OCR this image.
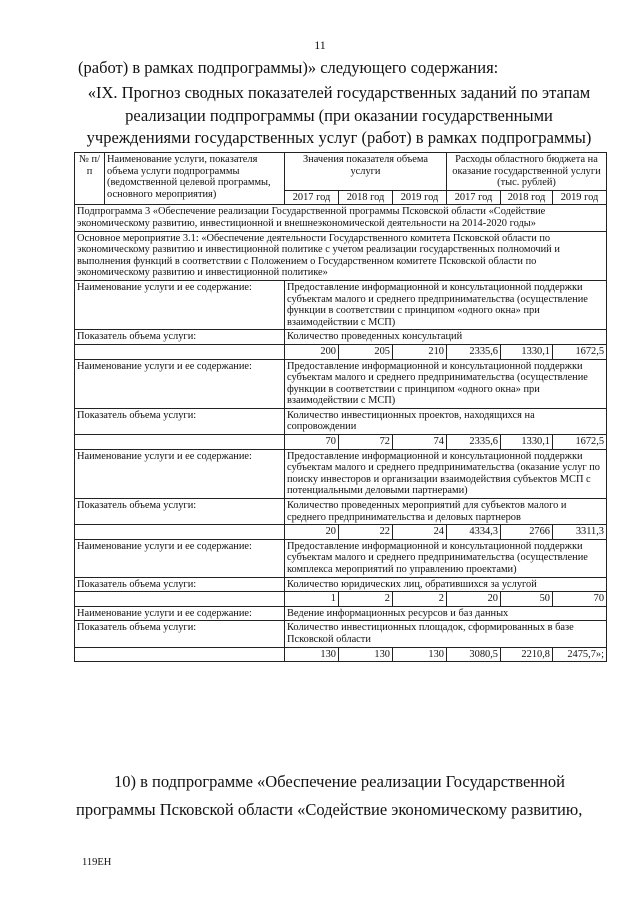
11
(работ) в рамках подпрограммы)» следующего содержания:
«IX. Прогноз сводных показателей государственных заданий по этапам
реализации подпрограммы (при оказании государственными
учреждениями государственных услуг (работ) в рамках подпрограммы)
№ п/п	Наименование услуги, показателя объема услуги подпрограммы (ведомственной целевой программы, основного мероприятия)	Значения показателя объема услуги			Расходы областного бюджета на оказание государственной услуги (тыс. рублей)		
		2017 год	2018 год	2019 год	2017 год	2018 год	2019 год
Подпрограмма 3 «Обеспечение реализации Государственной программы Псковской области «Содействие экономическому развитию, инвестиционной и внешнеэкономической деятельности на 2014-2020 годы»							
Основное мероприятие 3.1: «Обеспечение деятельности Государственного комитета Псковской области по экономическому развитию и инвестиционной политике с учетом реализации государственных полномочий и выполнения функций в соответствии с Положением о Государственном комитете Псковской области по экономическому развитию и инвестиционной политике»							
Наименование услуги и ее содержание:		Предоставление информационной и консультационной поддержки субъектам малого и среднего предпринимательства (осуществление функции в соответствии с принципом «одного окна» при взаимодействии с МСП)					
Показатель объема услуги:		Количество проведенных консультаций					
		200	205	210	2335,6	1330,1	1672,5
Наименование услуги и ее содержание:		Предоставление информационной и консультационной поддержки субъектам малого и среднего предпринимательства (осуществление функции в соответствии с принципом «одного окна» при взаимодействии с МСП)					
Показатель объема услуги:		Количество инвестиционных проектов, находящихся на сопровождении					
		70	72	74	2335,6	1330,1	1672,5
Наименование услуги и ее содержание:		Предоставление информационной и консультационной поддержки субъектам малого и среднего предпринимательства (оказание услуг по поиску инвесторов и организации взаимодействия субъектов МСП с потенциальными деловыми партнерами)					
Показатель объема услуги:		Количество проведенных мероприятий для субъектов малого и среднего предпринимательства и деловых партнеров					
		20	22	24	4334,3	2766	3311,3
Наименование услуги и ее содержание:		Предоставление информационной и консультационной поддержки субъектам малого и среднего предпринимательства (осуществление комплекса мероприятий по управлению проектами)					
Показатель объема услуги:		Количество юридических лиц, обратившихся за услугой					
		1	2	2	20	50	70
Наименование услуги и ее содержание:		Ведение информационных ресурсов и баз данных					
Показатель объема услуги:		Количество инвестиционных площадок, сформированных в базе Псковской области					
		130	130	130	3080,5	2210,8	2475,7»;
10) в подпрограмме «Обеспечение реализации Государственной
программы Псковской области «Содействие экономическому развитию,
119ЕН
